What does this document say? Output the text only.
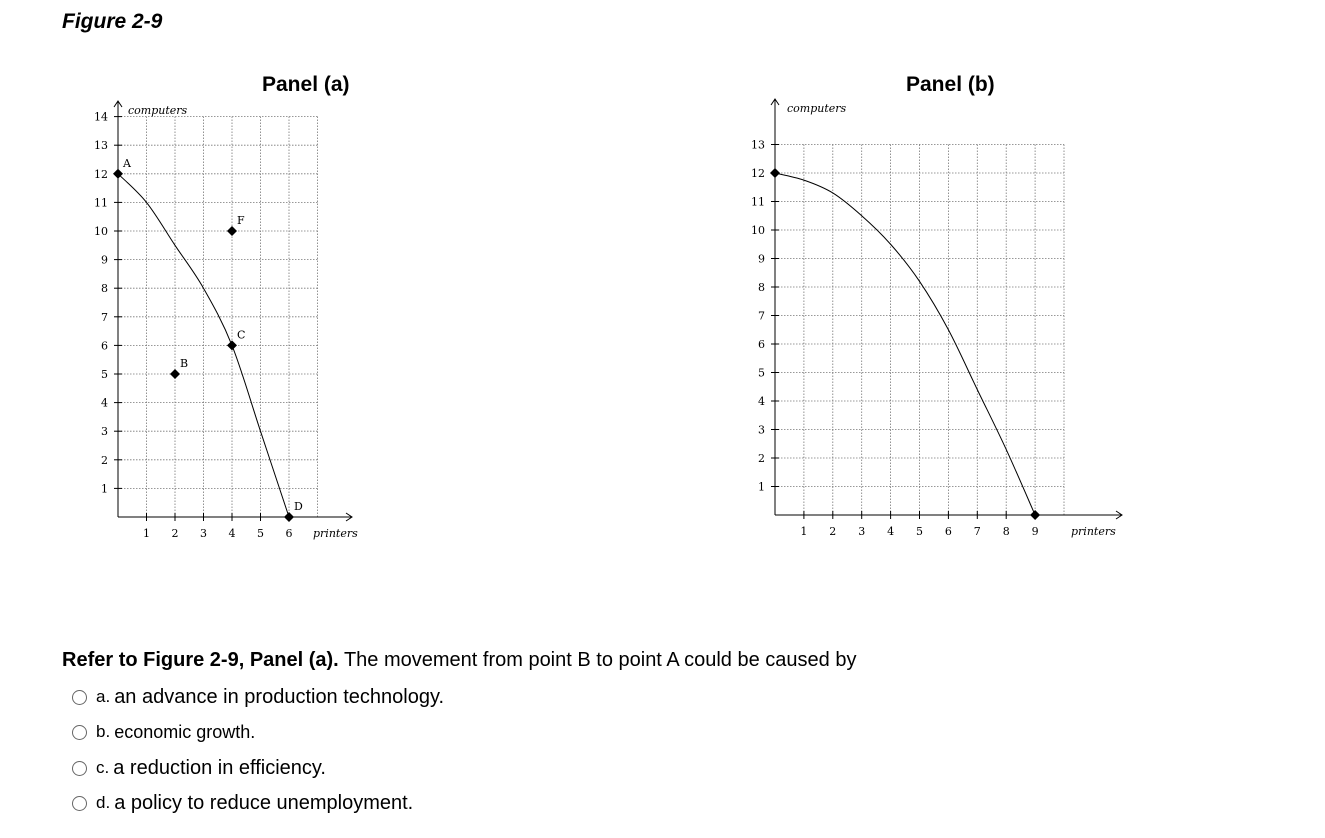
Figure 2-9
Panel (a)	Panel (b)
1
2
3
4
5
6
7
8
9
10
11
12
13
14
1 2 3 4 5 6
computers
printers
A
B
C
D
F
1
2
3
4
5
6
7
8
9
10
11
12
13
1 2 3 4 5 6 7 8 9
computers
printers
Refer to Figure 2-9, Panel (a). The movement from point B to point A could be caused by
a. an advance in production technology.
b. economic growth.
c. a reduction in efficiency.
d. a policy to reduce unemployment.
